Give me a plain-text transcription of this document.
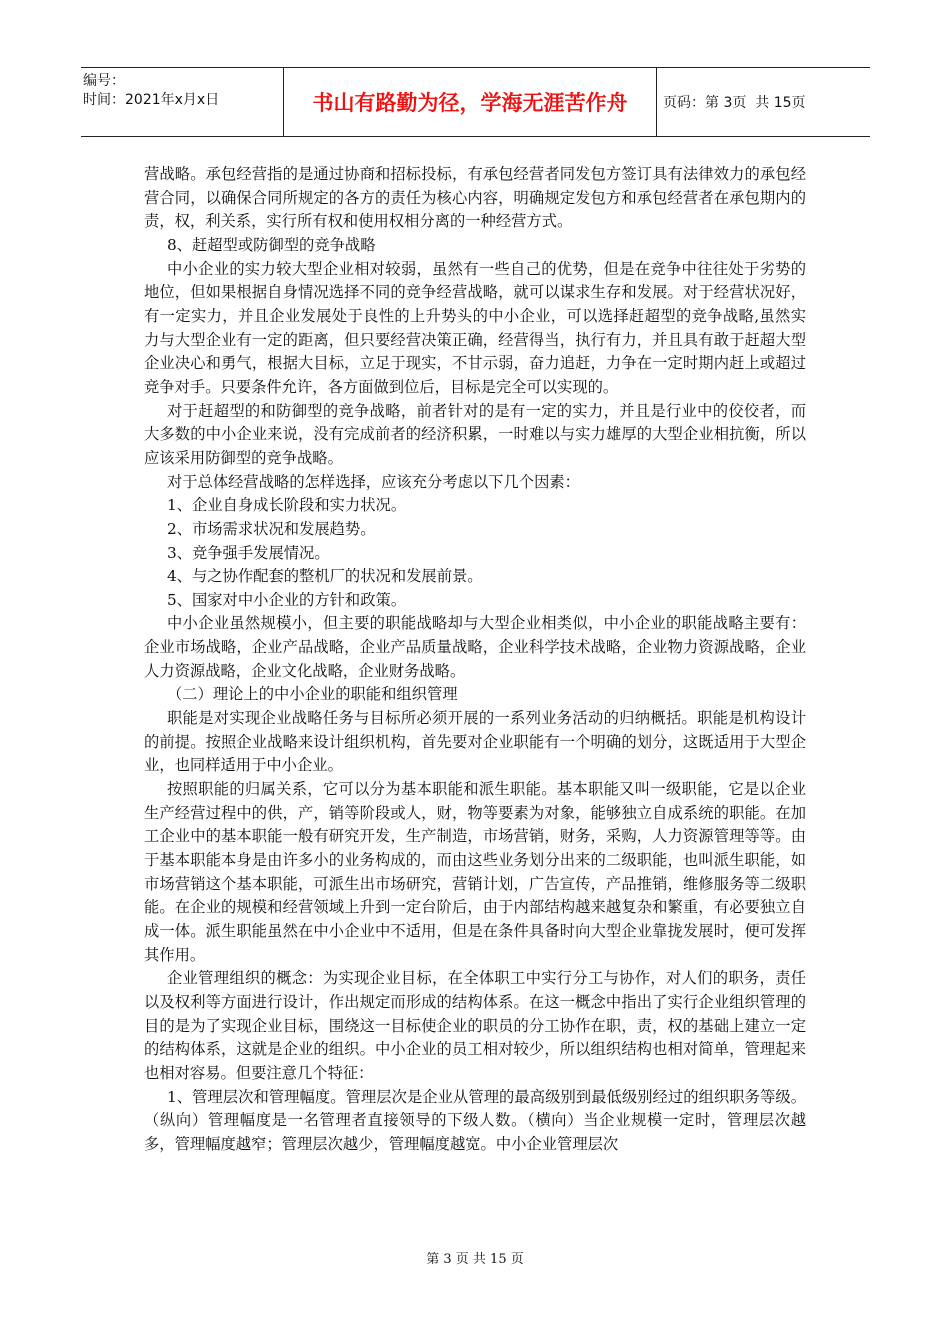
编号：
时间：2021年x月x日	书山有路勤为径，学海无涯苦作舟	页码：第 3页  共 15页

营战略。承包经营指的是通过协商和招标投标，有承包经营者同发包方签订具有法律效力的承包经营合同，以确保合同所规定的各方的责任为核心内容，明确规定发包方和承包经营者在承包期内的责，权，利关系，实行所有权和使用权相分离的一种经营方式。

8、赶超型或防御型的竞争战略

中小企业的实力较大型企业相对较弱，虽然有一些自己的优势，但是在竞争中往往处于劣势的地位，但如果根据自身情况选择不同的竞争经营战略，就可以谋求生存和发展。对于经营状况好，有一定实力，并且企业发展处于良性的上升势头的中小企业，可以选择赶超型的竞争战略,虽然实力与大型企业有一定的距离，但只要经营决策正确，经营得当，执行有力，并且具有敢于赶超大型企业决心和勇气，根据大目标，立足于现实，不甘示弱，奋力追赶，力争在一定时期内赶上或超过竞争对手。只要条件允许，各方面做到位后，目标是完全可以实现的。

对于赶超型的和防御型的竞争战略，前者针对的是有一定的实力，并且是行业中的佼佼者，而大多数的中小企业来说，没有完成前者的经济积累，一时难以与实力雄厚的大型企业相抗衡，所以应该采用防御型的竞争战略。

对于总体经营战略的怎样选择，应该充分考虑以下几个因素：

1、企业自身成长阶段和实力状况。

2、市场需求状况和发展趋势。

3、竞争强手发展情况。

4、与之协作配套的整机厂的状况和发展前景。

5、国家对中小企业的方针和政策。

中小企业虽然规模小，但主要的职能战略却与大型企业相类似，中小企业的职能战略主要有：企业市场战略，企业产品战略，企业产品质量战略，企业科学技术战略，企业物力资源战略，企业人力资源战略，企业文化战略，企业财务战略。

（二）理论上的中小企业的职能和组织管理

职能是对实现企业战略任务与目标所必须开展的一系列业务活动的归纳概括。职能是机构设计的前提。按照企业战略来设计组织机构，首先要对企业职能有一个明确的划分，这既适用于大型企业，也同样适用于中小企业。

按照职能的归属关系，它可以分为基本职能和派生职能。基本职能又叫一级职能，它是以企业生产经营过程中的供，产，销等阶段或人，财，物等要素为对象，能够独立自成系统的职能。在加工企业中的基本职能一般有研究开发，生产制造，市场营销，财务，采购，人力资源管理等等。由于基本职能本身是由许多小的业务构成的，而由这些业务划分出来的二级职能，也叫派生职能，如市场营销这个基本职能，可派生出市场研究，营销计划，广告宣传，产品推销，维修服务等二级职能。在企业的规模和经营领域上升到一定台阶后，由于内部结构越来越复杂和繁重，有必要独立自成一体。派生职能虽然在中小企业中不适用，但是在条件具备时向大型企业靠拢发展时，便可发挥其作用。

企业管理组织的概念：为实现企业目标，在全体职工中实行分工与协作，对人们的职务，责任以及权利等方面进行设计，作出规定而形成的结构体系。在这一概念中指出了实行企业组织管理的目的是为了实现企业目标，围绕这一目标使企业的职员的分工协作在职，责，权的基础上建立一定的结构体系，这就是企业的组织。中小企业的员工相对较少，所以组织结构也相对简单，管理起来也相对容易。但要注意几个特征：

1、管理层次和管理幅度。管理层次是企业从管理的最高级别到最低级别经过的组织职务等级。（纵向）管理幅度是一名管理者直接领导的下级人数。（横向）当企业规模一定时，管理层次越多，管理幅度越窄；管理层次越少，管理幅度越宽。中小企业管理层次

第 3 页 共 15 页
